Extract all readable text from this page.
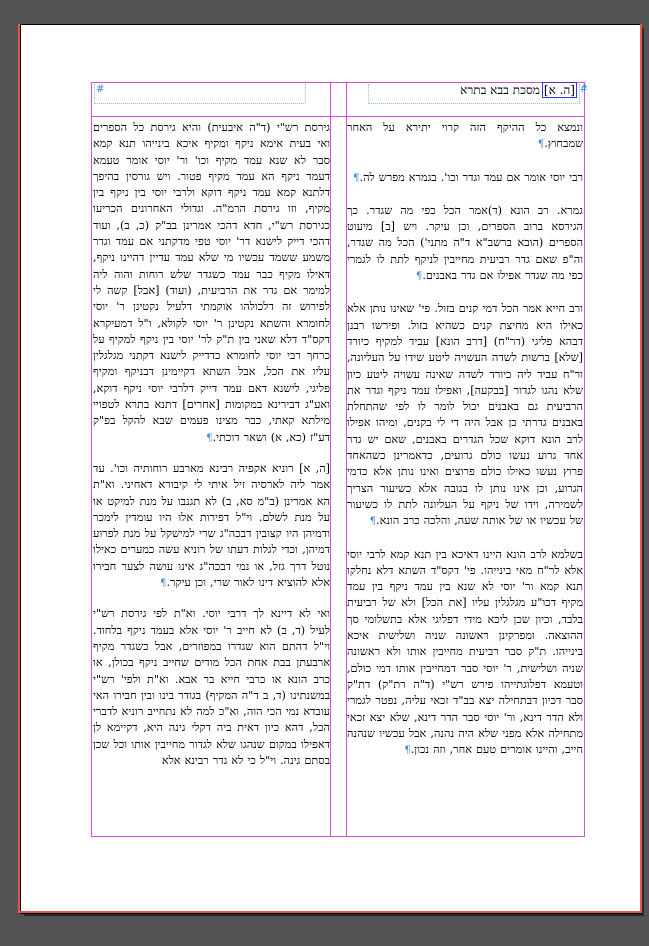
[ה. א]מסכת בבא בתרא	#
#

ונמצא כל ההיקף הזה קרוי יתירא על האחר שמבחוץ.¶

רבי יוסי אומר אם עמד וגדר וכו'. בגמרא מפרש לה.¶

גמרא. רב הונא (ד)אמר הכל כפי מה שגדר. כך הגירסא ברוב הספרים, וכן עיקר. ויש [ב] מיעוט הספרים (הובא ברשב"א ד"ה מתני') הכל מה שגדר, וה"פ שאם גדר רביעית מחייבין לניקף לתת לו לגמרי כפי מה שגדר אפילו אם גדר באבנים.¶

ורב חייא אמר הכל דמי קנים בזול. פי' שאינו נותן אלא כאילו היא מחיצת קנים כשהיא בזול. ופירשו רבנן דבהא פליגי (דר"ח) [דרב הונא] עביד למקיף כיורד [שלא] ברשות לשדה העשויה ליטע שידו על העליונה, ור"ח עביד ליה כיורד לשדה שאינה עשויה ליטע כיון שלא נהגו לגדור [בבקעה], ואפילו עמד ניקף וגדר את הרביעית גם באבנים יכול לומר לו לפי שהתחלת באבנים גדרתי כן אבל היה די לי בקנים, ומיהו אפילו לרב הונא דוקא שכל הגדרים באבנים, שאם יש גדר אחד גרוע נעשו כולם גרועים, כדאמרינן כשהאחד פרוץ נעשו כאילו כולם פרוצים ואינו נותן אלא כדמי הגרוע, וכן אינו נותן לו בגובה אלא כשיעור הצריך לשמירה, וידו של ניקף על העליונה לתת לו כשיעור של עכשיו או של אותה שעה, והלכה כרב הונא.¶

בשלמא לרב הונא היינו דאיכא בין תנא קמא לרבי יוסי אלא לר"ח מאי בינייהו. פי' דקס"ד השתא דלא נחלקו תנא קמא ור' יוסי לא שנא בין עמד ניקף בין עמד מקיף דכו"ע מגלגלין עליו [את הכל] ולא של רביעית בלבד, וכיון שכן ליכא מידי דפליגי אלא בתשלומי סך ההוצאה. ומפרקינן ראשונה שניה ושלישית איכא בינייהו. ת"ק סבר רביעית מחייבין אותו ולא ראשונה שניה ושלישית, ר' יוסי סבר דמחייבין אותו דמי כולם, וטעמא דפלוגתייהו פירש רש"י (ד"ה רת"ק) דת"ק סבר דכיון דבתחילה יצא בב"ד זכאי עליה, נפטר לגמרי ולא הדר דינא, ור' יוסי סבר הדר דינא, שלא יצא זכאי מתחילה אלא מפני שלא היה נהנה, אבל עכשיו שנהנה חייב, והיינו אומרים טעם אחר, וזה נכון.¶

גירסת רש"י (ד"ה איבעית) והיא גירסת כל הספרים ואי בעית אימא ניקף ומקיף איכא בינייהו תנא קמא סבר לא שנא עמד מקיף וכו' ור' יוסי אומר טעמא דעמד ניקף הא עמד מקיף פטור. ויש גורסין בהיפך דלתנא קמא עמד ניקף דוקא ולרבי יוסי בין ניקף בין מקיף, וזו גירסת הרמ"ה. וגדולי האחרונים הכריעו כגירסת רש"י, חדא דהכי אמרינן בב"ק (כ, ב), ועוד דהכי דייק לישנא דר' יוסי טפי מדקתני אם עמד וגדר משמע ששמד עכשיו מי שלא עמד עדיין דהיינו ניקף, דאילו מקיף כבר עמד כשגדר שלש רוחות והוה ליה למימר אם גדר את הרביעית, (ועוד) [אבל] קשה לי לפירוש זה דלכולהו אוקמתי דלעיל נקטינן ר' יוסי לחומרא והשתא נקטינן ר' יוסי לקולא, ו"ל דמעיקרא דקס"ד דלא שאני בין ת"ק לר' יוסי בין ניקף למקיף על כרחך רבי יוסי לחומרא כדדייק לישנא דקתני מגלגלין עליו את הכל, אבל השתא דקיימינן דבניקף ומקיף פליגי, לישנא דאם עמד דייק דלרבי יוסי ניקף דוקא, ואע"ג דבירינא במקומות [אחרים] דתנא בתרא לטפויי מילתא קאתי, כבר מצינו פעמים שבא להקל בפ"ק דע"ז (כא, א) ושאר דוכתי.¶

[ה, א] רוניא אקפיה רבינא מארבע רוחותיה וכו'. עד אמר ליה לארסיה זיל איתי לי קיבורא דאחיני. וא"ת הא אמרינן (ב"מ סא, ב) לא תגנבו על מנת למיקט או על מנת לשלם. וי"ל דפירות אלו היו עומדין לימכר ודמיהן היו קצובין דבכה"ג שרי למישקל על מנת לפרוע דמיהן, וכדי לגלות דעתו של רוניא עשה כמערים כאילו נוטל דרך גזל, או נמי דבכה"ג אינו עושה לצער חבירו אלא להוציא דינו לאור שרי, וכן עיקר.¶

ואי לא דיינא לך דרבי יוסי. וא"ת לפי גירסת רש"י לעיל (ד, ב) לא חייב ר' יוסי אלא בעמד ניקף בלחוד. וי"ל דהתם הוא שגדרו במפוזרים, אבל כשגדר מקיף ארבעתן בבת אחת הכל מודים שחייב ניקף בכולן, או כרב הונא או כרבי חייא בר אבא. וא"ת ולפי' רש"י במשנתינו (ד, ב ד"ה המקיף) בגודר בינו ובין חבירו האי עובדא נמי הכי הוה, וא"כ למה לא נתחייב רוניא לדברי הכל, דהא כיון דאית ביה דקלי גינה היא, דקיימא לן דאפילו במקום שנהגו שלא לגדור מחייבין אותו וכל שכן בסתם גינה. וי"ל כי לא גדר רבינא אלא
